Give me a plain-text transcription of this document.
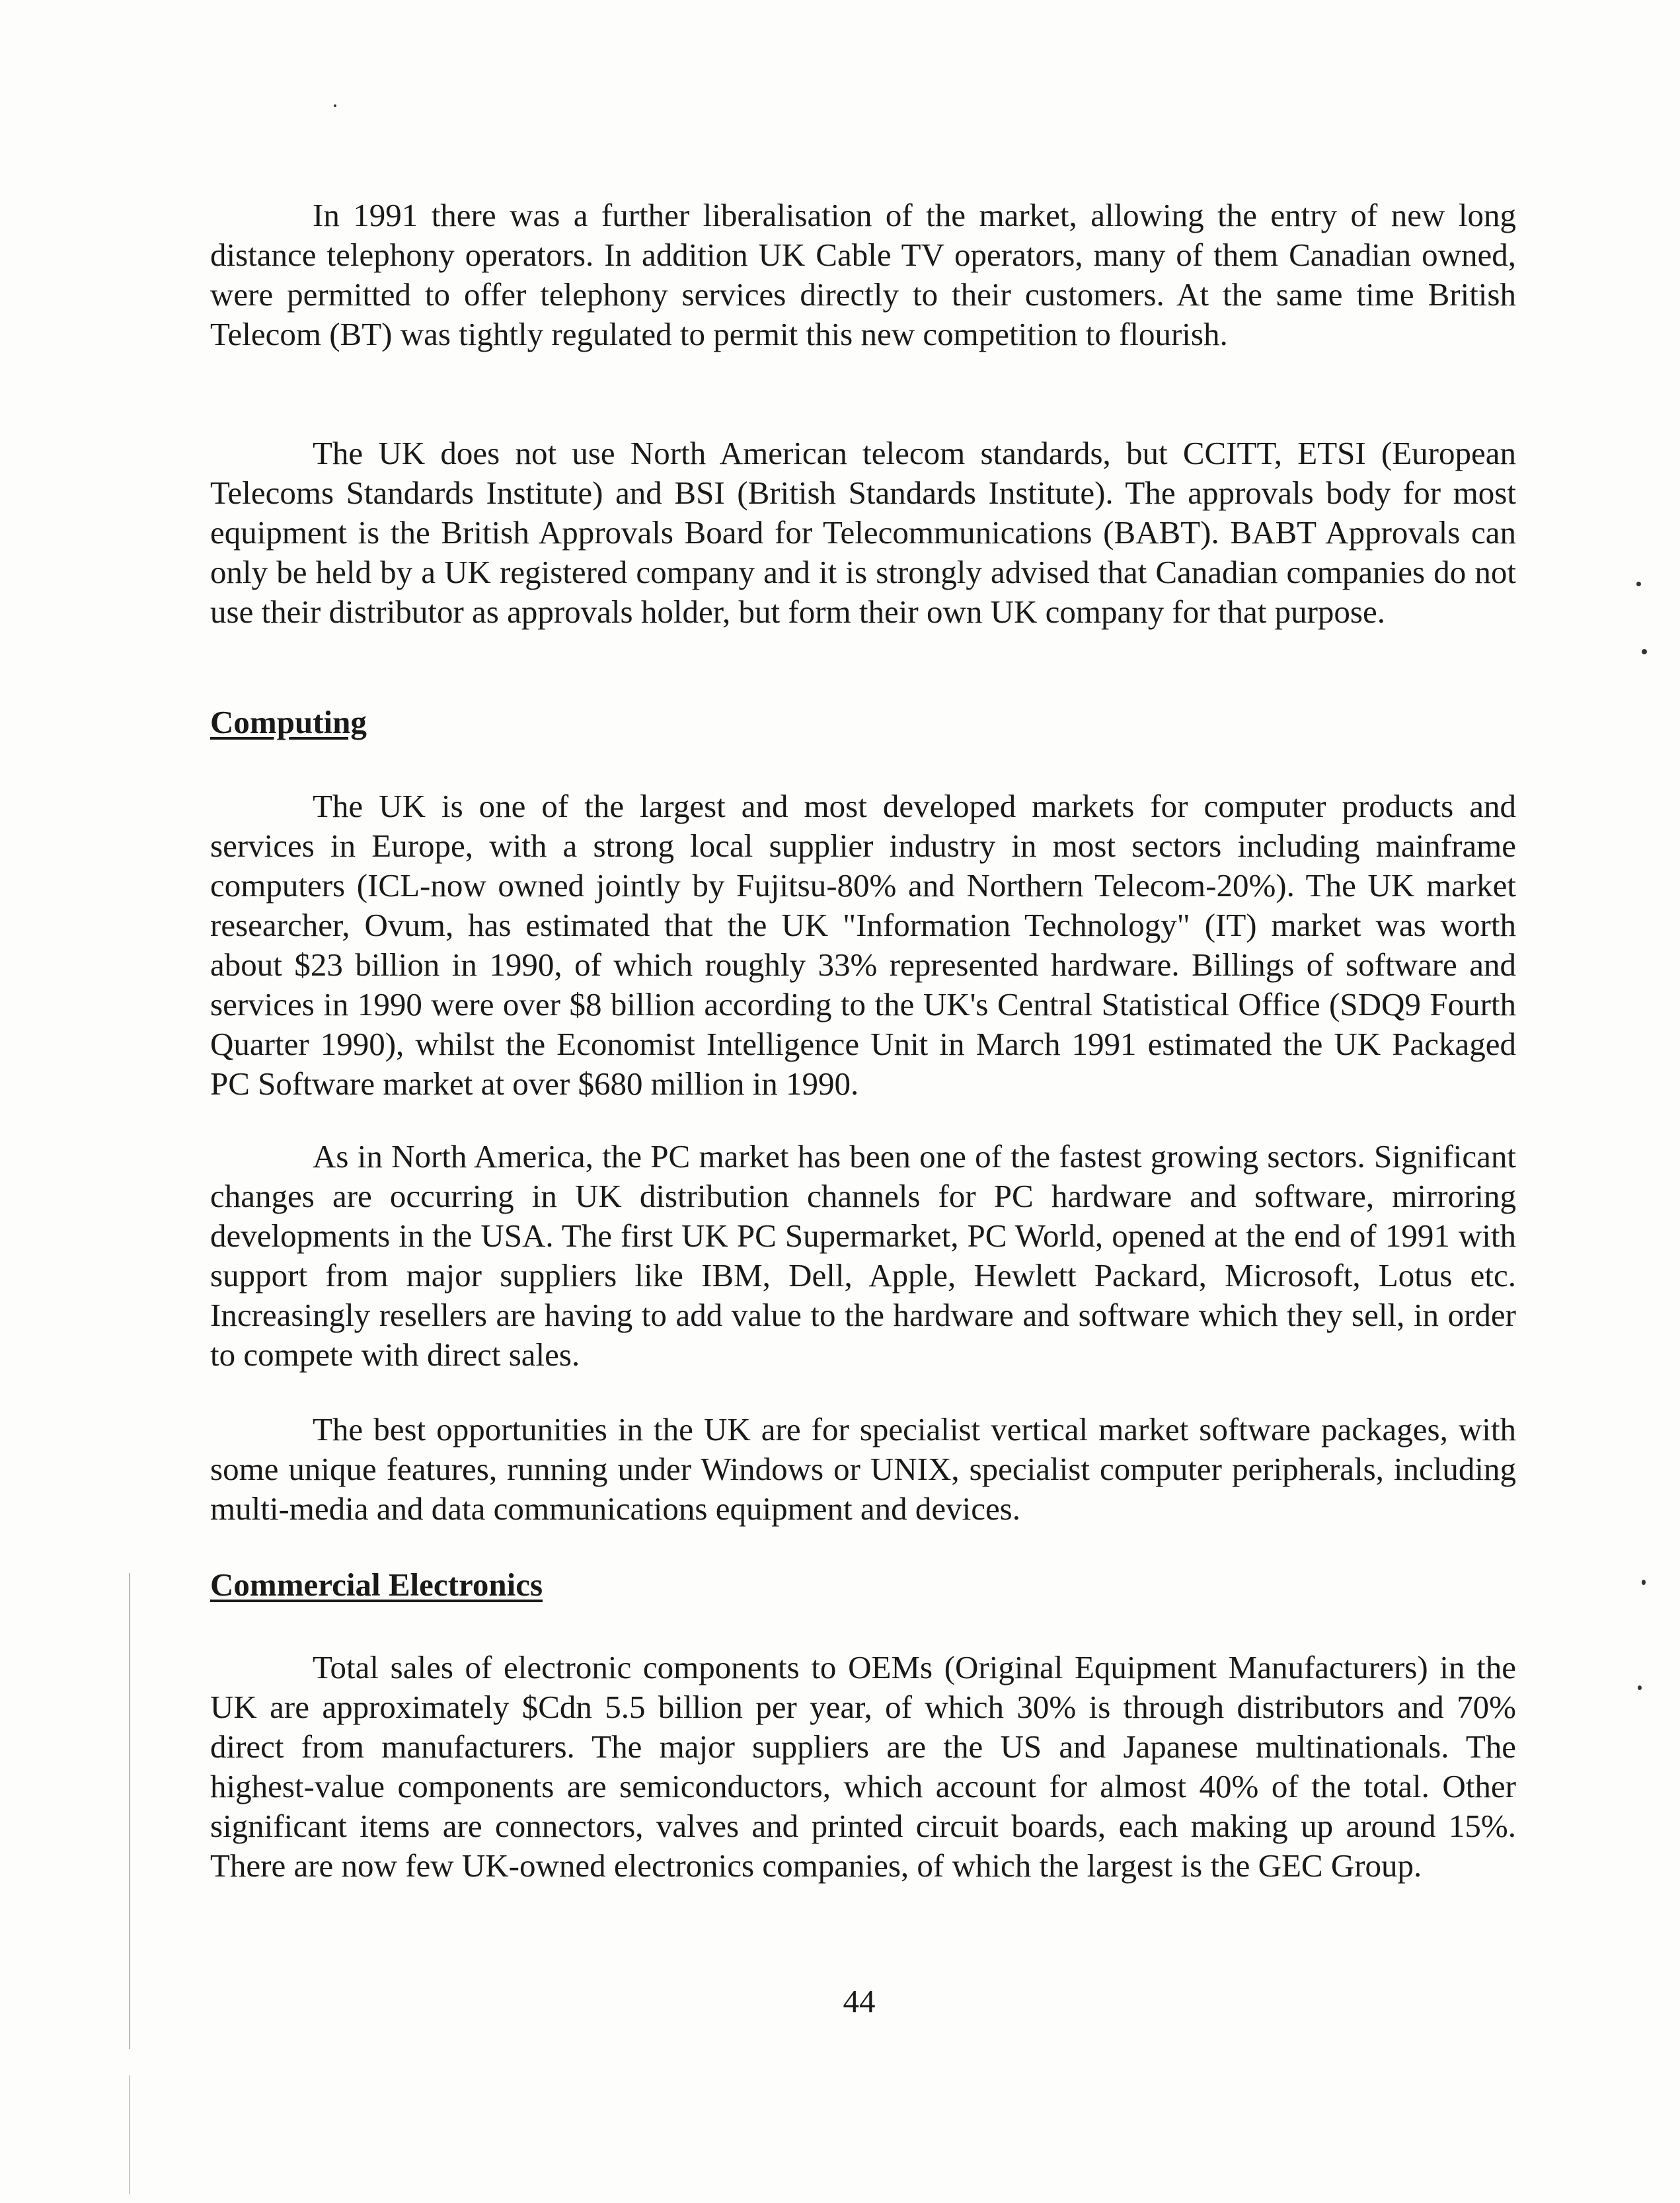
In 1991 there was a further liberalisation of the market, allowing the entry of new long distance telephony operators. In addition UK Cable TV operators, many of them Canadian owned, were permitted to offer telephony services directly to their customers. At the same time British Telecom (BT) was tightly regulated to permit this new competition to flourish.

The UK does not use North American telecom standards, but CCITT, ETSI (European Telecoms Standards Institute) and BSI (British Standards Institute). The approvals body for most equipment is the British Approvals Board for Telecommunications (BABT). BABT Approvals can only be held by a UK registered company and it is strongly advised that Canadian companies do not use their distributor as approvals holder, but form their own UK company for that purpose.

Computing

The UK is one of the largest and most developed markets for computer products and services in Europe, with a strong local supplier industry in most sectors including mainframe computers (ICL-now owned jointly by Fujitsu-80% and Northern Telecom-20%). The UK market researcher, Ovum, has estimated that the UK "Information Technology" (IT) market was worth about $23 billion in 1990, of which roughly 33% represented hardware. Billings of software and services in 1990 were over $8 billion according to the UK's Central Statistical Office (SDQ9 Fourth Quarter 1990), whilst the Economist Intelligence Unit in March 1991 estimated the UK Packaged PC Software market at over $680 million in 1990.

As in North America, the PC market has been one of the fastest growing sectors. Significant changes are occurring in UK distribution channels for PC hardware and software, mirroring developments in the USA. The first UK PC Supermarket, PC World, opened at the end of 1991 with support from major suppliers like IBM, Dell, Apple, Hewlett Packard, Microsoft, Lotus etc. Increasingly resellers are having to add value to the hardware and software which they sell, in order to compete with direct sales.

The best opportunities in the UK are for specialist vertical market software packages, with some unique features, running under Windows or UNIX, specialist computer peripherals, including multi-media and data communications equipment and devices.

Commercial Electronics

Total sales of electronic components to OEMs (Original Equipment Manufacturers) in the UK are approximately $Cdn 5.5 billion per year, of which 30% is through distributors and 70% direct from manufacturers. The major suppliers are the US and Japanese multinationals. The highest-value components are semiconductors, which account for almost 40% of the total. Other significant items are connectors, valves and printed circuit boards, each making up around 15%. There are now few UK-owned electronics companies, of which the largest is the GEC Group.

44
